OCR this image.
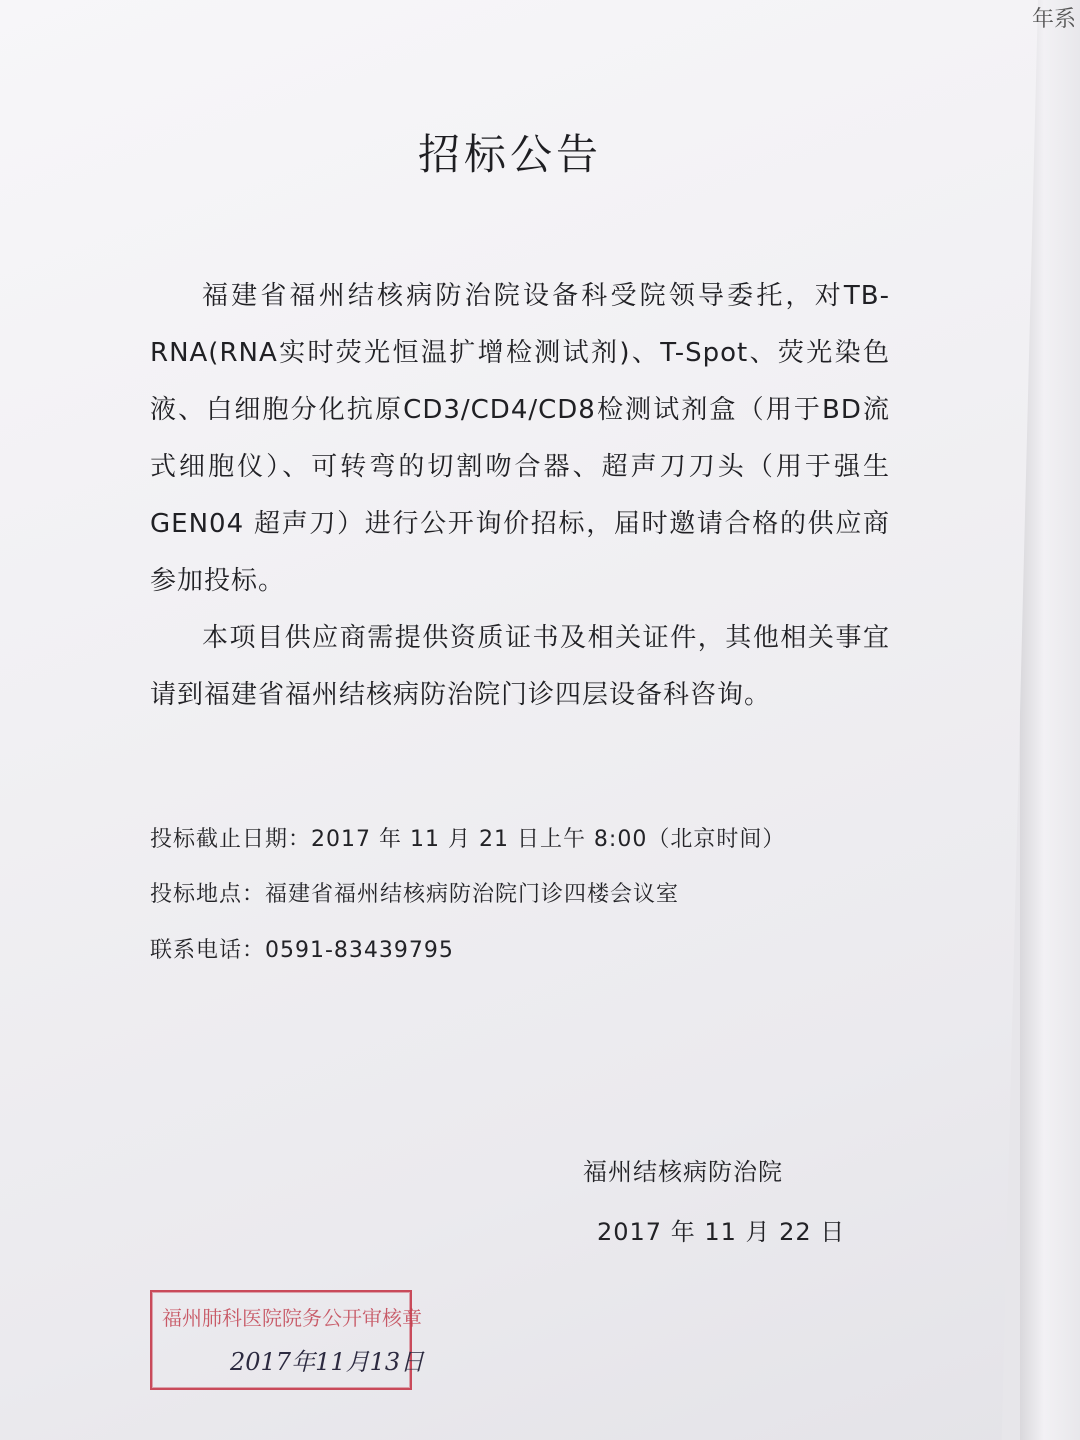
年系
招标公告

福建省福州结核病防治院设备科受院领导委托，对TB-RNA(RNA实时荧光恒温扩增检测试剂)、T-Spot、荧光染色液、白细胞分化抗原CD3/CD4/CD8检测试剂盒（用于BD流式细胞仪）、可转弯的切割吻合器、超声刀刀头（用于强生GEN04 超声刀）进行公开询价招标，届时邀请合格的供应商参加投标。

本项目供应商需提供资质证书及相关证件，其他相关事宜请到福建省福州结核病防治院门诊四层设备科咨询。

投标截止日期：2017 年 11 月 21 日上午 8:00（北京时间）
投标地点：福建省福州结核病防治院门诊四楼会议室
联系电话：0591-83439795
福州结核病防治院
2017 年 11 月 22 日
福州肺科医院院务公开审核章
2017年11月13日
